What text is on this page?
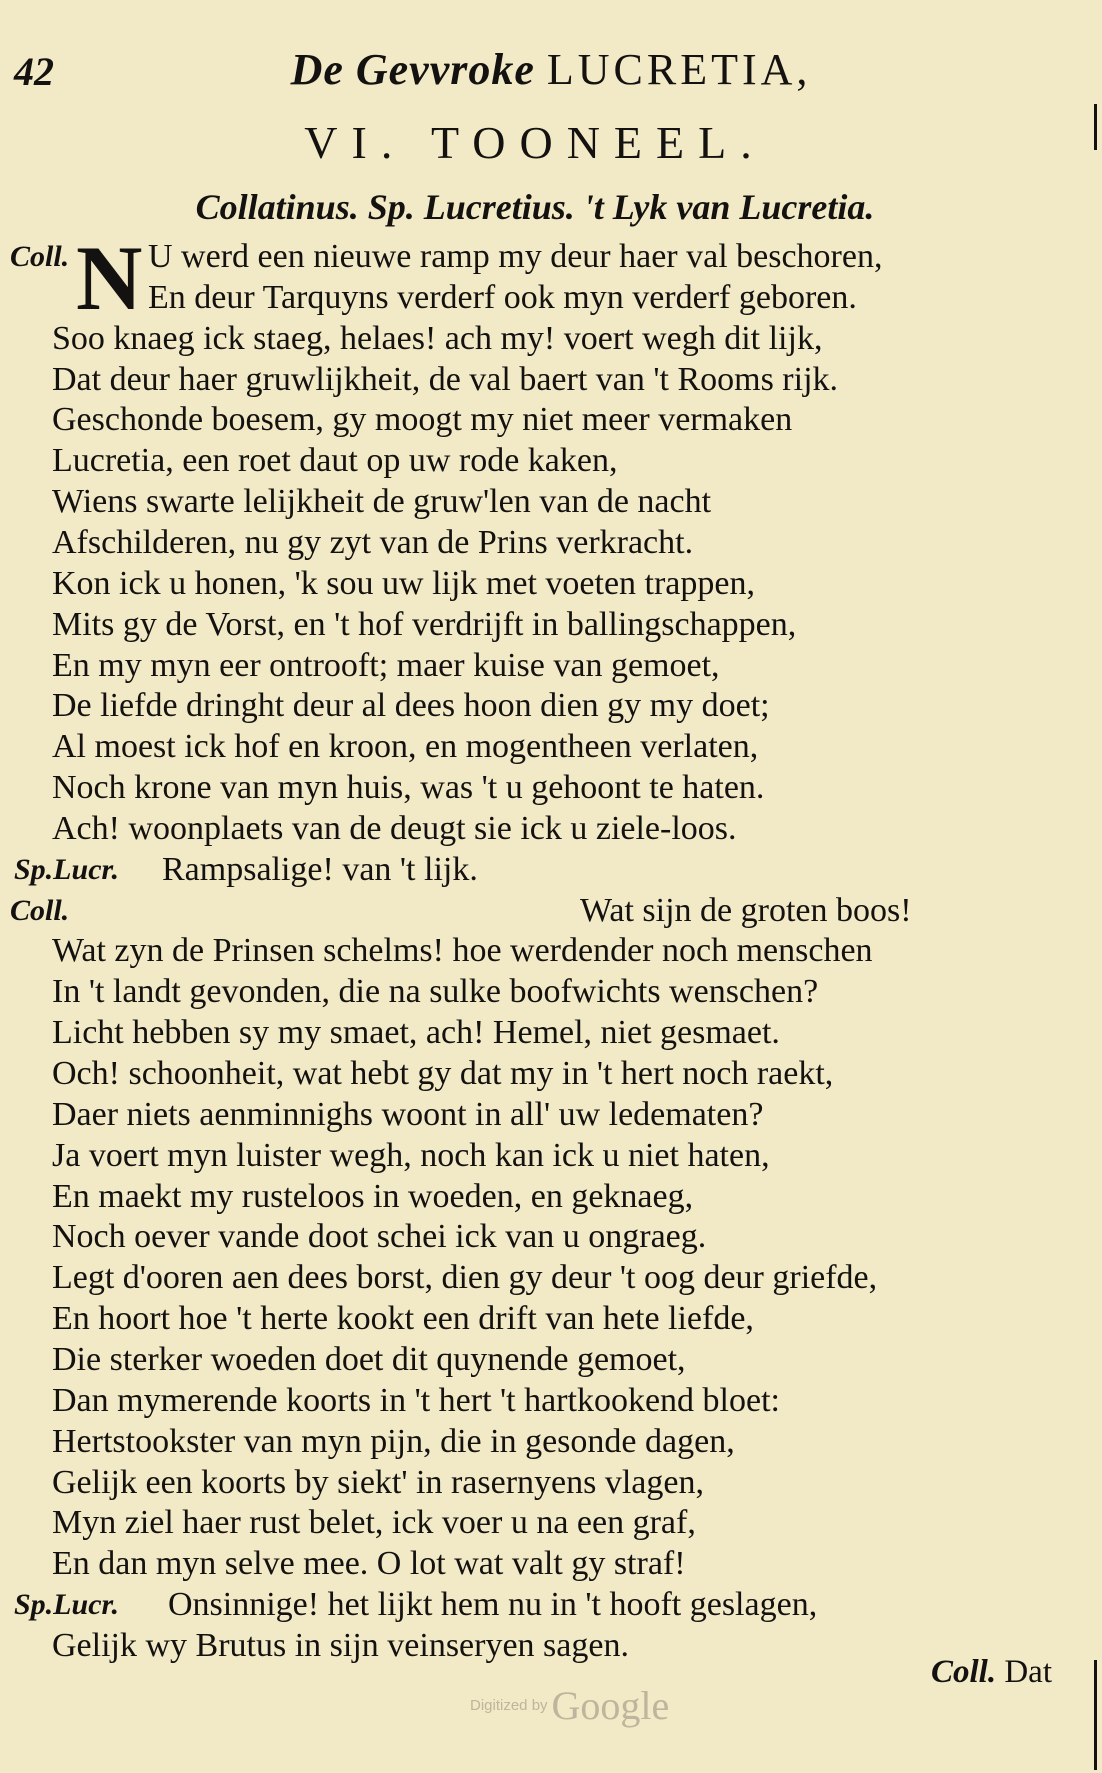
42	De Gevvroke LUCRETIA,
VI. TOONEEL.
Collatinus. Sp. Lucretius. 't Lyk van Lucretia.
N
Coll. U werd een nieuwe ramp my deur haer val beschoren,
En deur Tarquyns verderf ook myn verderf geboren.
Soo knaeg ick staeg, helaes! ach my! voert wegh dit lijk,
Dat deur haer gruwlijkheit, de val baert van 't Rooms rijk.
Geschonde boesem, gy moogt my niet meer vermaken
Lucretia, een roet daut op uw rode kaken,
Wiens swarte lelijkheit de gruw'len van de nacht
Afschilderen, nu gy zyt van de Prins verkracht.
Kon ick u honen, 'k sou uw lijk met voeten trappen,
Mits gy de Vorst, en 't hof verdrijft in ballingschappen,
En my myn eer ontrooft; maer kuise van gemoet,
De liefde dringht deur al dees hoon dien gy my doet;
Al moest ick hof en kroon, en mogentheen verlaten,
Noch krone van myn huis, was 't u gehoont te haten.
Ach! woonplaets van de deugt sie ick u ziele-loos.
Sp.Lucr. Rampsalige! van 't lijk.
Coll.	Wat sijn de groten boos!
Wat zyn de Prinsen schelms! hoe werdender noch menschen
In 't landt gevonden, die na sulke boofwichts wenschen?
Licht hebben sy my smaet, ach! Hemel, niet gesmaet.
Och! schoonheit, wat hebt gy dat my in 't hert noch raekt,
Daer niets aenminnighs woont in all' uw ledematen?
Ja voert myn luister wegh, noch kan ick u niet haten,
En maekt my rusteloos in woeden, en geknaeg,
Noch oever vande doot schei ick van u ongraeg.
Legt d'ooren aen dees borst, dien gy deur 't oog deur griefde,
En hoort hoe 't herte kookt een drift van hete liefde,
Die sterker woeden doet dit quynende gemoet,
Dan mymerende koorts in 't hert 't hartkookend bloet:
Hertstookster van myn pijn, die in gesonde dagen,
Gelijk een koorts by siekt' in rasernyens vlagen,
Myn ziel haer rust belet, ick voer u na een graf,
En dan myn selve mee. O lot wat valt gy straf!
Sp.Lucr. Onsinnige! het lijkt hem nu in 't hooft geslagen,
Gelijk wy Brutus in sijn veinseryen sagen.
Coll. Dat
Digitized by Google
